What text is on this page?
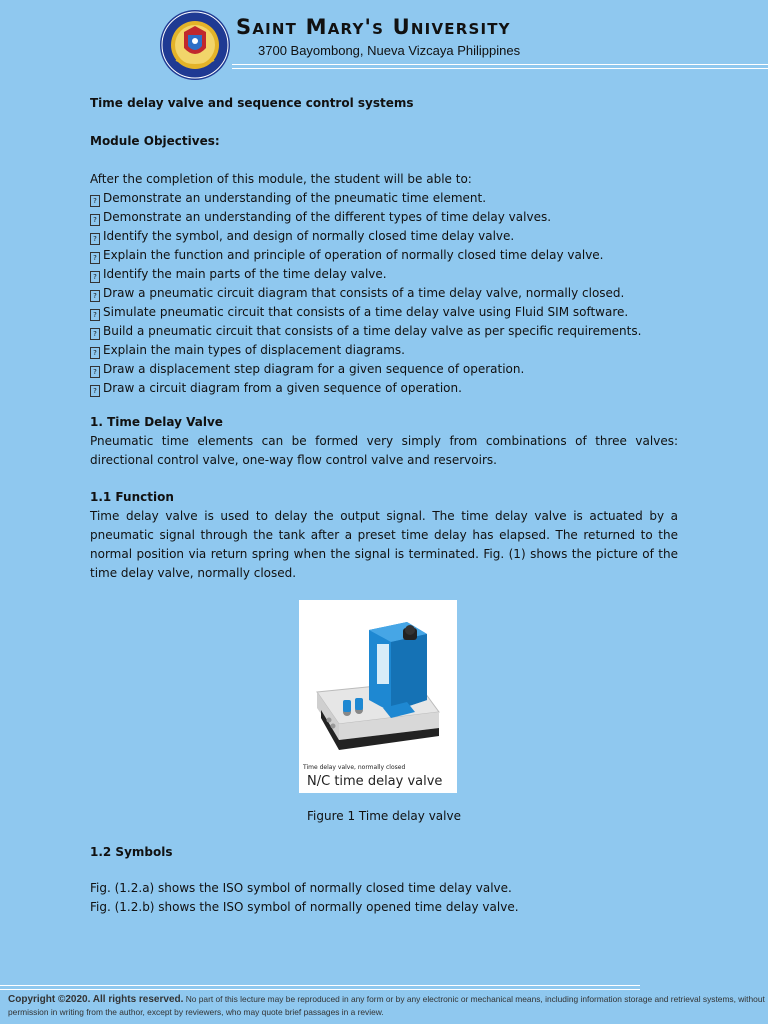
Saint Mary's University
3700 Bayombong, Nueva Vizcaya Philippines

Time delay valve and sequence control systems

Module Objectives:

After the completion of this module, the student will be able to:

? Demonstrate an understanding of the pneumatic time element.
? Demonstrate an understanding of the different types of time delay valves.
? Identify the symbol, and design of normally closed time delay valve.
? Explain the function and principle of operation of normally closed time delay valve.
? Identify the main parts of the time delay valve.
? Draw a pneumatic circuit diagram that consists of a time delay valve, normally closed.
? Simulate pneumatic circuit that consists of a time delay valve using Fluid SIM software.
? Build a pneumatic circuit that consists of a time delay valve as per specific requirements.
? Explain the main types of displacement diagrams.
? Draw a displacement step diagram for a given sequence of operation.
? Draw a circuit diagram from a given sequence of operation.

1. Time Delay Valve

Pneumatic time elements can be formed very simply from combinations of three valves: directional control valve, one-way flow control valve and reservoirs.

1.1 Function

Time delay valve is used to delay the output signal. The time delay valve is actuated by a pneumatic signal through the tank after a preset time delay has elapsed. The returned to the normal position via return spring when the signal is terminated. Fig. (1) shows the picture of the time delay valve, normally closed.

Time delay valve, normally closed
N/C time delay valve

Figure 1 Time delay valve

1.2 Symbols

Fig. (1.2.a) shows the ISO symbol of normally closed time delay valve.

Fig. (1.2.b) shows the ISO symbol of normally opened time delay valve.

Copyright ©2020. All rights reserved. No part of this lecture may be reproduced in any form or by any electronic or mechanical means, including information storage and retrieval systems, without permission in writing from the author, except by reviewers, who may quote brief passages in a review.
